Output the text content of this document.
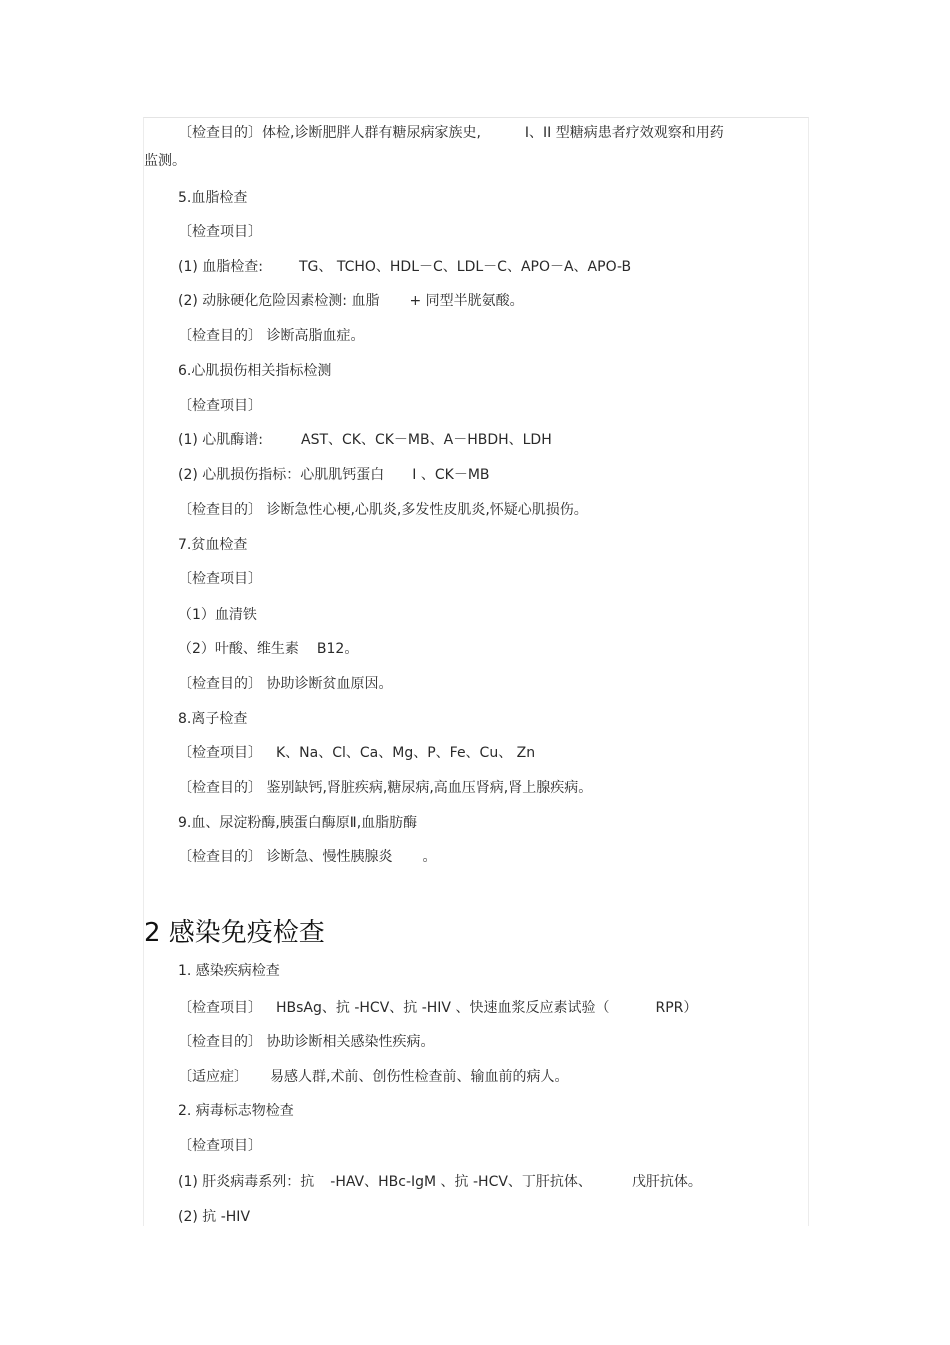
〔检查目的〕体检,诊断肥胖人群有糖尿病家族史,	I、II 型糖病患者疗效观察和用药
监测。
5.血脂检查
〔检查项目〕
(1) 血脂检查:	TG、 TCHO、HDL－C、LDL－C、APO－A、APO-B
(2) 动脉硬化危险因素检测: 血脂 + 同型半胱氨酸。
〔检查目的〕 诊断高脂血症。
6.心肌损伤相关指标检测
〔检查项目〕
(1) 心肌酶谱:	AST、CK、CK－MB、A－HBDH、LDH
(2) 心肌损伤指标：心肌肌钙蛋白 I 、CK－MB
〔检查目的〕 诊断急性心梗,心肌炎,多发性皮肌炎,怀疑心肌损伤。
7.贫血检查
〔检查项目〕
（1）血清铁
（2）叶酸、维生素 B12。
〔检查目的〕 协助诊断贫血原因。
8.离子检查
〔检查项目〕 K、Na、Cl、Ca、Mg、P、Fe、Cu、 Zn
〔检查目的〕 鉴别缺钙,肾脏疾病,糖尿病,高血压肾病,肾上腺疾病。
9.血、尿淀粉酶,胰蛋白酶原Ⅱ,血脂肪酶
〔检查目的〕 诊断急、慢性胰腺炎 。
2 感染免疫检查
1. 感染疾病检查
〔检查项目〕 HBsAg、抗 -HCV、抗 -HIV 、快速血浆反应素试验（	RPR）
〔检查目的〕 协助诊断相关感染性疾病。
〔适应症〕 易感人群,术前、创伤性检查前、输血前的病人。
2. 病毒标志物检查
〔检查项目〕
(1) 肝炎病毒系列：抗 -HAV、HBc-IgM 、抗 -HCV、丁肝抗体、	戊肝抗体。
(2) 抗 -HIV
